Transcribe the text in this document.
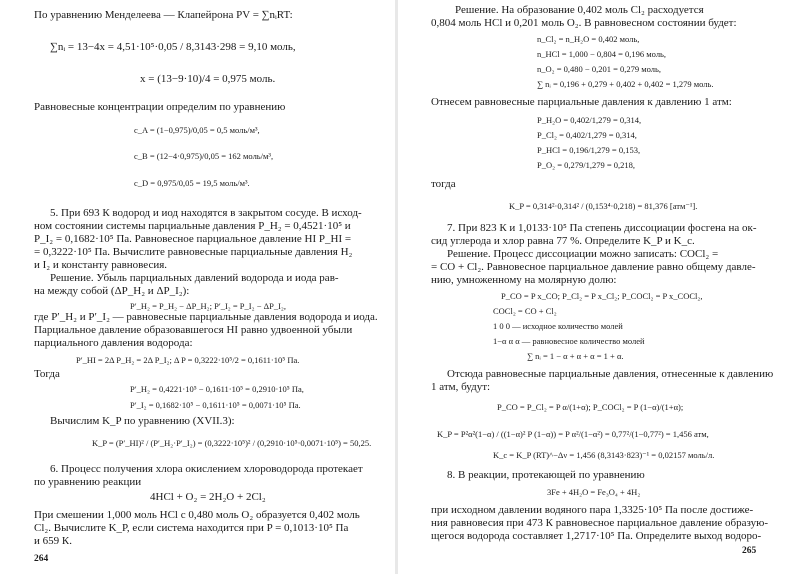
По уравнению Менделеева — Клапейрона PV = ∑nᵢRT:
∑nᵢ = 13−4x = 4,51·10⁵·0,05 / 8,3143·298 = 9,10 моль,
x = (13−9·10)/4 = 0,975 моль.
Равновесные концентрации определим по уравнению
c_A = (1−0,975)/0,05 = 0,5 моль/м³,
c_B = (12−4·0,975)/0,05 = 162 моль/м³,
c_D = 0,975/0,05 = 19,5 моль/м³.
5. При 693 К водород и иод находятся в закрытом сосуде. В исход-
ном состоянии системы парциальные давления P_H₂ = 0,4521·10⁵ и
P_I₂ = 0,1682·10⁵ Па. Равновесное парциальное давление HI P_HI =
= 0,3222·10⁵ Па. Вычислите равновесные парциальные давления H₂
и I₂ и константу равновесия.
Решение. Убыль парциальных давлений водорода и иода рав-
на между собой (ΔP_H₂ и ΔP_I₂):
P′_H₂ = P_H₂ − ΔP_H₂; P′_I₂ = P_I₂ − ΔP_I₂,
где P′_H₂ и P′_I₂ — равновесные парциальные давления водорода и иода.
Парциальное давление образовавшегося HI равно удвоенной убыли
парциального давления водорода:
P′_HI = 2Δ P_H₂ = 2Δ P_I₂; Δ P = 0,3222·10⁵/2 = 0,1611·10⁵ Па.
Тогда
P′_H₂ = 0,4221·10⁵ − 0,1611·10⁵ = 0,2910·10⁵ Па,
P′_I₂ = 0,1682·10⁵ − 0,1611·10⁵ = 0,0071·10⁵ Па.
Вычислим K_P по уравнению (XVII.3):
K_P = (P′_HI)² / (P′_H₂·P′_I₂) = (0,3222·10⁵)² / (0,2910·10⁵·0,0071·10⁵) = 50,25.
6. Процесс получения хлора окислением хлороводорода протекает
по уравнению реакции
4HCl + O₂ = 2H₂O + 2Cl₂
При смешении 1,000 моль HCl с 0,480 моль O₂ образуется 0,402 моль
Cl₂. Вычислите K_P, если система находится при P = 0,1013·10⁵ Па
и 659 К.
264
Решение. На образование 0,402 моль Cl₂ расходуется
0,804 моль HCl и 0,201 моль O₂. В равновесном состоянии будет:
n_Cl₂ = n_H₂O = 0,402 моль,
n_HCl = 1,000 − 0,804 = 0,196 моль,
n_O₂ = 0,480 − 0,201 = 0,279 моль,
∑ nᵢ = 0,196 + 0,279 + 0,402 + 0,402 = 1,279 моль.
Отнесем равновесные парциальные давления к давлению 1 атм:
P_H₂O = 0,402/1,279 = 0,314,
P_Cl₂ = 0,402/1,279 = 0,314,
P_HCl = 0,196/1,279 = 0,153,
P_O₂ = 0,279/1,279 = 0,218,
тогда
K_P = 0,314²·0,314² / (0,153⁴·0,218) = 81,376 [атм⁻¹].
7. При 823 К и 1,0133·10⁵ Па степень диссоциации фосгена на ок-
сид углерода и хлор равна 77 %. Определите K_P и K_c.
Решение. Процесс диссоциации можно записать: COCl₂ =
= CO + Cl₂. Равновесное парциальное давление равно общему давле-
нию, умноженному на молярную долю:
P_CO = P x_CO; P_Cl₂ = P x_Cl₂; P_COCl₂ = P x_COCl₂,
COCl₂ = CO + Cl₂
1 0 0 — исходное количество молей
1−α α α — равновесное количество молей
∑ nᵢ = 1 − α + α + α = 1 + α.
Отсюда равновесные парциальные давления, отнесенные к давлению
1 атм, будут:
P_CO = P_Cl₂ = P α/(1+α); P_COCl₂ = P (1−α)/(1+α);
K_P = P²α²(1−α) / ((1−α)² P (1−α)) = P α²/(1−α²) = 0,77²/(1−0,77²) = 1,456 атм,
K_c = K_P (RT)^−Δν = 1,456 (8,3143·823)⁻¹ = 0,02157 моль/л.
8. В реакции, протекающей по уравнению
3Fe + 4H₂O = Fe₃O₄ + 4H₂
при исходном давлении водяного пара 1,3325·10⁵ Па после достиже-
ния равновесия при 473 К равновесное парциальное давление образую-
щегося водорода составляет 1,2717·10⁵ Па. Определите выход водоро-
265
